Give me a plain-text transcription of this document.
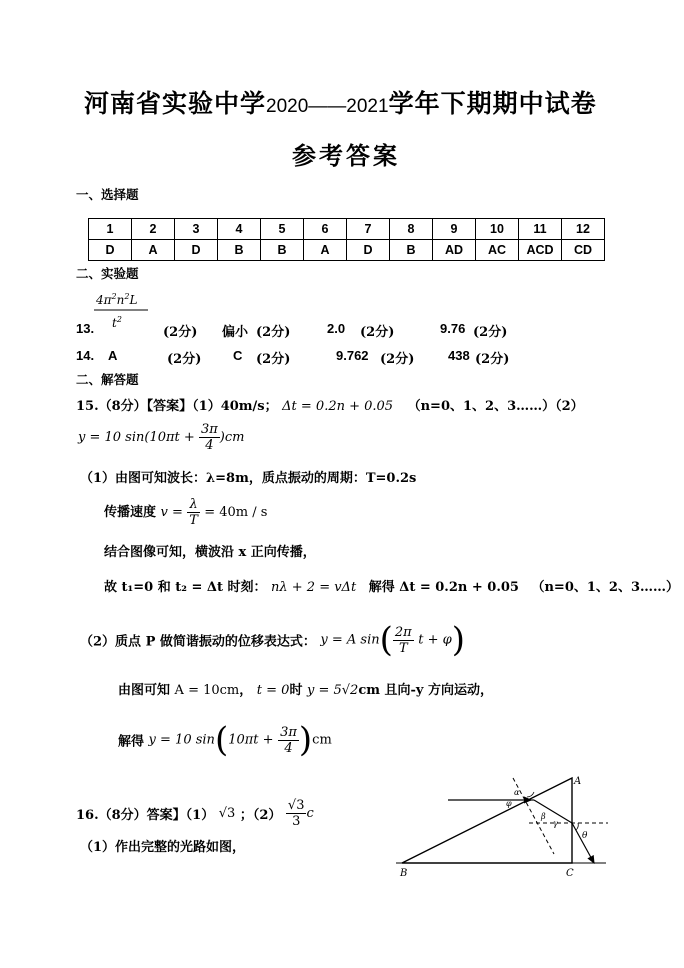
河南省实验中学2020——2021学年下期期中试卷
参考答案
一、选择题
1	2	3	4	5	6	7	8	9	10	11	12
D	A	D	B	B	A	D	B	AD	AC	ACD	CD
二、实验题
$4\pi^2n^2L$
$t^2$
13.	(2分) 偏小 (2分)	2.0 (2分)	9.76 (2分)
14. A	(2分) C (2分)	9.762 (2分)	438 (2分)
二、解答题
15.（8分）【答案】（1）40m/s； Δt = 0.2n + 0.05 （n=0、1、2、3……）（2）
y = 10 $\sin(10\pi t + \frac{3\pi}{4} )cm$
（1）由图可知波长：λ=8m，质点振动的周期：T=0.2s
传播速度 $v = \frac{\lambda}{T} = 40m / s$
结合图像可知，横波沿 x 正向传播，
故 t₁=0 和 t₂ = Δt 时刻： nλ + 2 = vΔt 解得 Δt = 0.2n + 0.05 （n=0、1、2、3……）
（2）质点 P 做简谐振动的位移表达式： y = A $\sin( \frac{2\pi}{T}$ t + φ)
由图可知 A = 10cm， t = 0时 y = 5√2cm 且向-y 方向运动，
解得 y = 10 $\sin(10\pi t + \frac{3\pi}{4} )cm$
16.（8分）答案】（1） √3 ；$(2) \frac{√3}{3}$ c
（1）作出完整的光路如图，
A
B	C
α
φ
β
γ
θ
